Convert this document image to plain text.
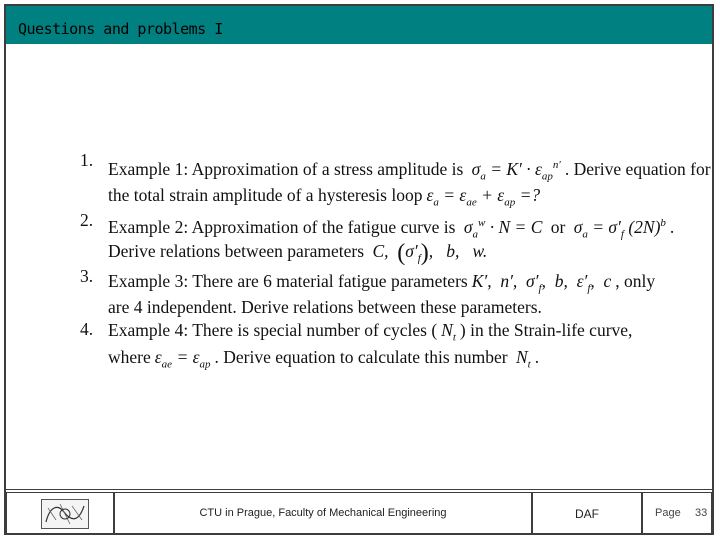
Questions and problems I
1. Example 1: Approximation of a stress amplitude is $\sigma_a = K' \cdot \varepsilon_{ap}^{n'}$ . Derive equation for
the total strain amplitude of a hysteresis loop $\varepsilon_a = \varepsilon_{ae} + \varepsilon_{ap}$ =?
2. Example 2: Approximation of the fatigue curve is $\sigma_a^w \cdot N = C$ or $\sigma_a = \sigma'_f$ $(2N)^b$ .
Derive relations between parameters C,  $(\sigma'_f)$,   b,   w.
3. Example 3: There are 6 material fatigue parameters K′,  n′,  $\sigma'_f$,  b,  $\varepsilon'_f$,  c , only
are 4 independent. Derive relations between these parameters.
4. Example 4: There is special number of cycles ( $N_t$ ) in the Strain-life curve,
where $\varepsilon_{ae} = \varepsilon_{ap}$ . Derive equation to calculate this number $N_t$ .
CTU in Prague, Faculty of Mechanical Engineering	DAF	Page 33
